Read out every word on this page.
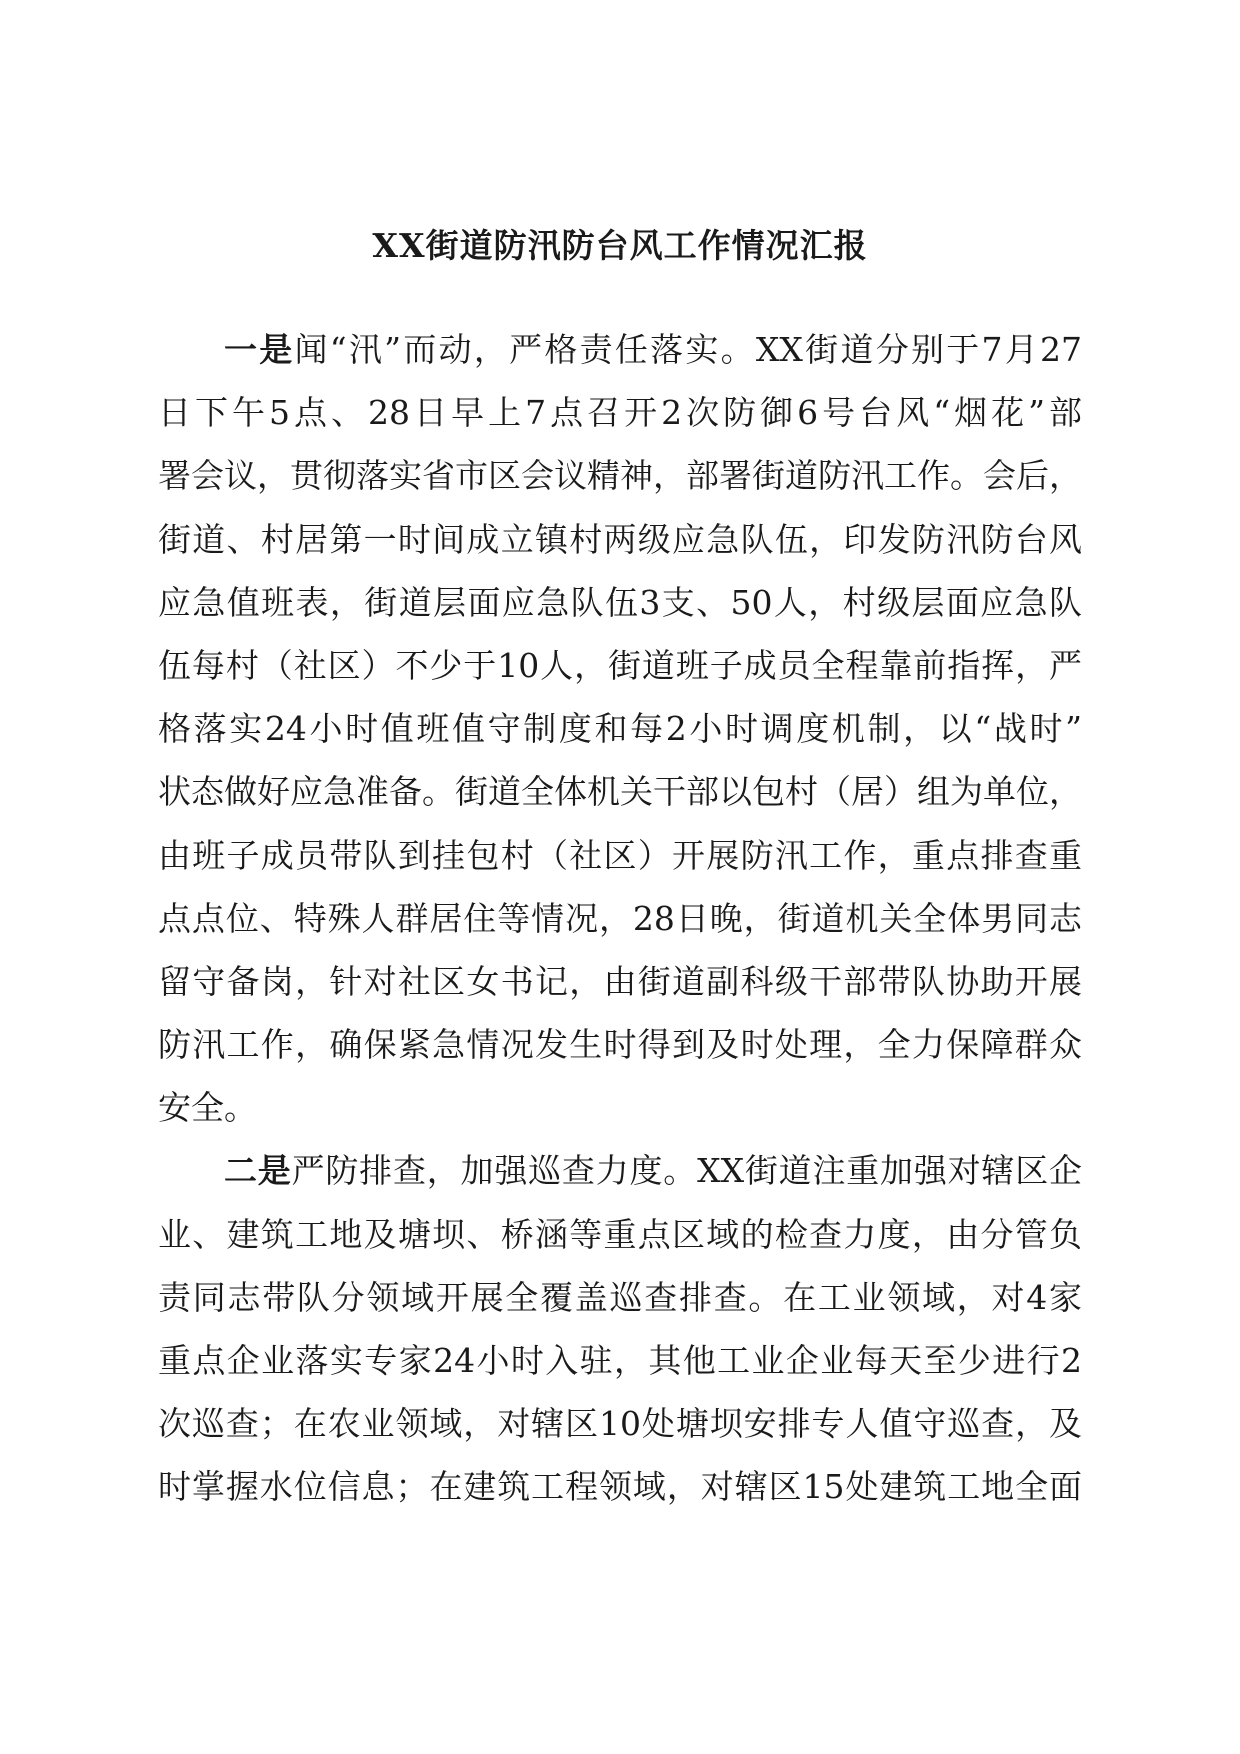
XX街道防汛防台风工作情况汇报
一是闻“汛”而动，严格责任落实。XX街道分别于7月27
日下午5点、28日早上7点召开2次防御6号台风“烟花”部
署会议，贯彻落实省市区会议精神，部署街道防汛工作。会后，
街道、村居第一时间成立镇村两级应急队伍，印发防汛防台风
应急值班表，街道层面应急队伍3支、50人，村级层面应急队
伍每村（社区）不少于10人，街道班子成员全程靠前指挥，严
格落实24小时值班值守制度和每2小时调度机制，以“战时”
状态做好应急准备。街道全体机关干部以包村（居）组为单位，
由班子成员带队到挂包村（社区）开展防汛工作，重点排查重
点点位、特殊人群居住等情况，28日晚，街道机关全体男同志
留守备岗，针对社区女书记，由街道副科级干部带队协助开展
防汛工作，确保紧急情况发生时得到及时处理，全力保障群众
安全。
二是严防排查，加强巡查力度。XX街道注重加强对辖区企
业、建筑工地及塘坝、桥涵等重点区域的检查力度，由分管负
责同志带队分领域开展全覆盖巡查排查。在工业领域，对4家
重点企业落实专家24小时入驻，其他工业企业每天至少进行2
次巡查；在农业领域，对辖区10处塘坝安排专人值守巡查，及
时掌握水位信息；在建筑工程领域，对辖区15处建筑工地全面
